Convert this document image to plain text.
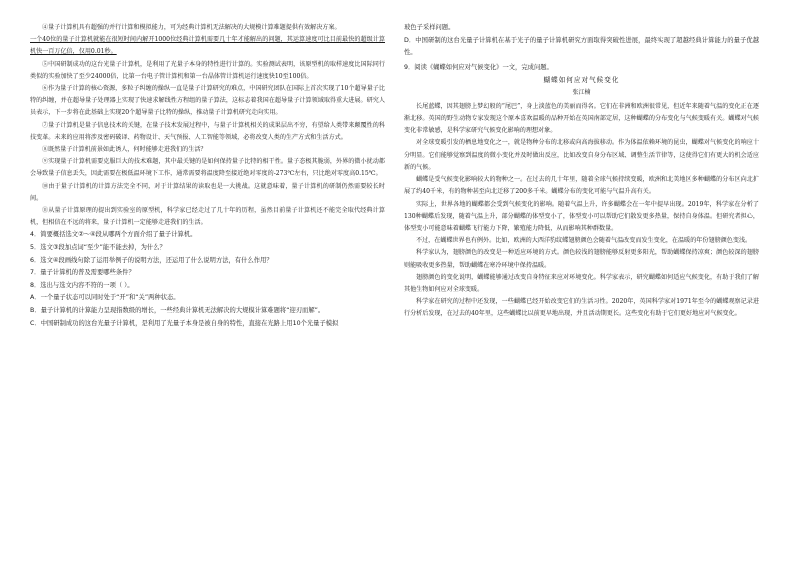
④量子计算机具有超强的并行计算和模拟能力，可为经典计算机无法解决的大规模计算难题提供有效解决方案。

一个40位的量子计算机就能在很短时间内解开1000位经典计算机需要几十年才能解出的问题，其运算速度可比目前最快的超级计算机快一百万亿倍，仅用0.01秒。

⑤中国研制成功的这台光量子计算机，是利用了光量子本身的特性进行计算的。实验测试表明，该原型机的取样速度比国际同行类似的实验加快了至少24000倍，比第一台电子管计算机和第一台晶体管计算机运行速度快10至100倍。

⑥作为量子计算的核心资源，多粒子纠缠的操纵一直是量子计算研究的难点，中国研究团队在国际上首次实现了10个超导量子比特的纠缠，并在超导量子处理器上实现了快速求解线性方程组的量子算法，这标志着我国在超导量子计算领域取得重大进展。研究人员表示，下一步将在此基础上实现20个超导量子比特的操纵，推动量子计算机研究走向实用。

⑦量子计算机是量子信息技术的关键，在量子技术发展过程中，与量子计算机相关的成果层出不穷，有望给人类带来颠覆性的科技变革。未来的应用将涉及密码破译、药物设计、天气预报、人工智能等领域，必将改变人类的生产方式和生活方式。

⑧既然量子计算机前景如此诱人，何时能够走进我们的生活？

⑨实现量子计算机需要克服巨大的技术难题，其中最关键的是如何保持量子比特的相干性。量子态极其脆弱，外界的微小扰动都会导致量子信息丢失，因此需要在极低温环境下工作，通常需要将温度降至接近绝对零度的-273℃左右，只比绝对零度高0.15℃。

⑩由于量子计算机的计算方法完全不同，对于计算结果的读取也是一大挑战。这就意味着，量子计算机的研制仍然需要较长时间。

⑪从量子计算原理的提出到实验室的原型机，科学家已经走过了几十年的历程，虽然目前量子计算机还不能完全取代经典计算机，但相信在不远的将来，量子计算机一定能够走进我们的生活。

4．简要概括选文②～④段从哪两个方面介绍了量子计算机。

5．选文③段加点词“至少”能不能去掉，为什么？

6．选文④段画线句除了运用举例子的说明方法，还运用了什么说明方法，有什么作用？

7．量子计算机的普及需要哪些条件？

8．选出与选文内容不符的一项（ ）。

A．一个量子状态可以同时处于“开”和“关”两种状态。

B．量子计算机的计算能力呈现指数级的增长，一些经典计算机无法解决的大规模计算难题将“迎刃而解”。

C．中国研制成功的这台光量子计算机，是利用了光量子本身是被自身的特性，直接在光路上用10个光量子模拟

玻色子采样问题。

D．中国研制的这台光量子计算机在基于光子的量子计算机研究方面取得突破性进展，最终实现了超越经典计算能力的量子优越性。

9．阅读《蝴蝶如何应对气候变化》一文，完成问题。

蝴蝶如何应对气候变化
张江楠

长尾蓝蝶，因其翅膀上梦幻般的“尾巴”，身上淡蓝色的美丽而得名。它们在非洲和欧洲很常见，但近年来随着气温的变化正在逐渐北移。英国的野生动物专家发现这个原本喜欢温暖的品种开始在英国南部定居，这种蝴蝶的分布变化与气候变暖有关。蝴蝶对气候变化非常敏感，是科学家研究气候变化影响的理想对象。

对全球变暖引发的栖息地变化之一，就是物种分布的北移或向高海拔移动。作为体温依赖环境的昆虫，蝴蝶对气候变化的响应十分明显。它们能够觉察到温度的微小变化并及时做出反应，比如改变自身分布区域、调整生活节律等，这使得它们有更大的机会适应新的气候。

蝴蝶是受气候变化影响较大的物种之一。在过去的几十年里，随着全球气候持续变暖，欧洲和北美地区多种蝴蝶的分布区向北扩展了约40千米，有的物种甚至向北迁移了200多千米。蝴蝶分布的变化可能与气温升高有关。

实际上，世界各地的蝴蝶都会受到气候变化的影响。随着气温上升，许多蝴蝶会在一年中提早出现。2019年，科学家在分析了130种蝴蝶后发现，随着气温上升，部分蝴蝶的体型变小了，体型变小可以帮助它们散发更多热量，保持自身体温。但研究者担心，体型变小可能意味着蝴蝶飞行能力下降，繁殖能力降低，从而影响其种群数量。

不过，在蝴蝶世界也有例外。比如，欧洲的大西洋豹纹蝶翅膀颜色会随着气温改变而发生变化，在温暖的年份翅膀颜色变浅。

科学家认为，翅膀颜色的改变是一种适应环境的方式。颜色较浅的翅膀能够反射更多阳光，帮助蝴蝶保持凉爽；颜色较深的翅膀则能吸收更多热量，帮助蝴蝶在寒冷环境中保持温暖。

翅膀颜色的变化说明，蝴蝶能够通过改变自身特征来应对环境变化。科学家表示，研究蝴蝶如何适应气候变化，有助于我们了解其他生物如何应对全球变暖。

科学家在研究的过程中还发现，一些蝴蝶已经开始改变它们的生活习性。2020年，英国科学家对1971年至今的蝴蝶观察记录进行分析后发现，在过去的40年里，这些蝴蝶比以前更早地出现，并且活动期更长。这些变化有助于它们更好地应对气候变化。
